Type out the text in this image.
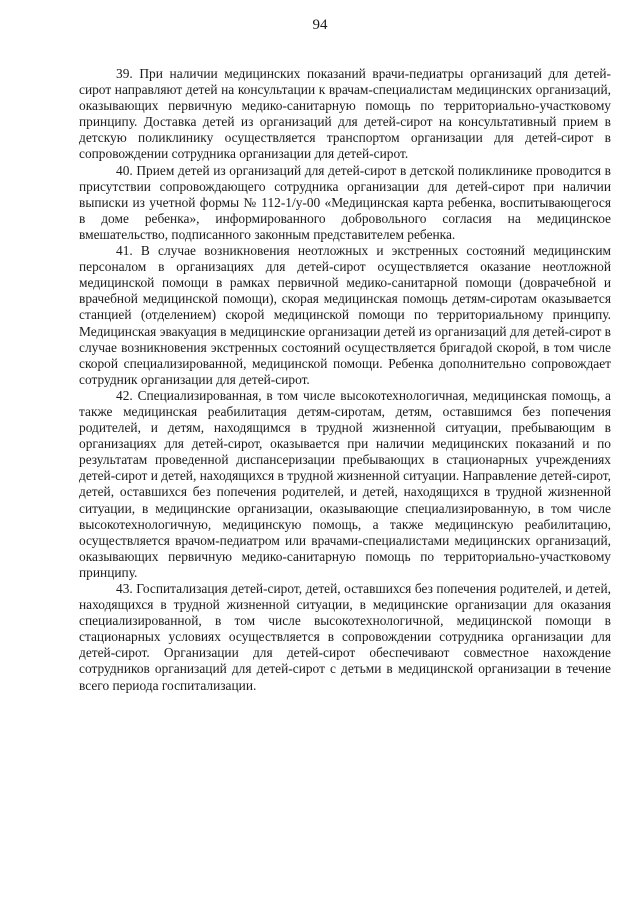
94

39. При наличии медицинских показаний врачи-педиатры организаций для детей-сирот направляют детей на консультации к врачам-специалистам медицинских организаций, оказывающих первичную медико-санитарную помощь по территориально-участковому принципу. Доставка детей из организаций для детей-сирот на консультативный прием в детскую поликлинику осуществляется транспортом организации для детей-сирот в сопровождении сотрудника организации для детей-сирот.

40. Прием детей из организаций для детей-сирот в детской поликлинике проводится в присутствии сопровождающего сотрудника организации для детей-сирот при наличии выписки из учетной формы № 112-1/у-00 «Медицинская карта ребенка, воспитывающегося в доме ребенка», информированного добровольного согласия на медицинское вмешательство, подписанного законным представителем ребенка.

41. В случае возникновения неотложных и экстренных состояний медицинским персоналом в организациях для детей-сирот осуществляется оказание неотложной медицинской помощи в рамках первичной медико-санитарной помощи (доврачебной и врачебной медицинской помощи), скорая медицинская помощь детям-сиротам оказывается станцией (отделением) скорой медицинской помощи по территориальному принципу. Медицинская эвакуация в медицинские организации детей из организаций для детей-сирот в случае возникновения экстренных состояний осуществляется бригадой скорой, в том числе скорой специализированной, медицинской помощи. Ребенка дополнительно сопровождает сотрудник организации для детей-сирот.

42. Специализированная, в том числе высокотехнологичная, медицинская помощь, а также медицинская реабилитация детям-сиротам, детям, оставшимся без попечения родителей, и детям, находящимся в трудной жизненной ситуации, пребывающим в организациях для детей-сирот, оказывается при наличии медицинских показаний и по результатам проведенной диспансеризации пребывающих в стационарных учреждениях детей-сирот и детей, находящихся в трудной жизненной ситуации. Направление детей-сирот, детей, оставшихся без попечения родителей, и детей, находящихся в трудной жизненной ситуации, в медицинские организации, оказывающие специализированную, в том числе высокотехнологичную, медицинскую помощь, а также медицинскую реабилитацию, осуществляется врачом-педиатром или врачами-специалистами медицинских организаций, оказывающих первичную медико-санитарную помощь по территориально-участковому принципу.

43. Госпитализация детей-сирот, детей, оставшихся без попечения родителей, и детей, находящихся в трудной жизненной ситуации, в медицинские организации для оказания специализированной, в том числе высокотехнологичной, медицинской помощи в стационарных условиях осуществляется в сопровождении сотрудника организации для детей-сирот. Организации для детей-сирот обеспечивают совместное нахождение сотрудников организаций для детей-сирот с детьми в медицинской организации в течение всего периода госпитализации.
